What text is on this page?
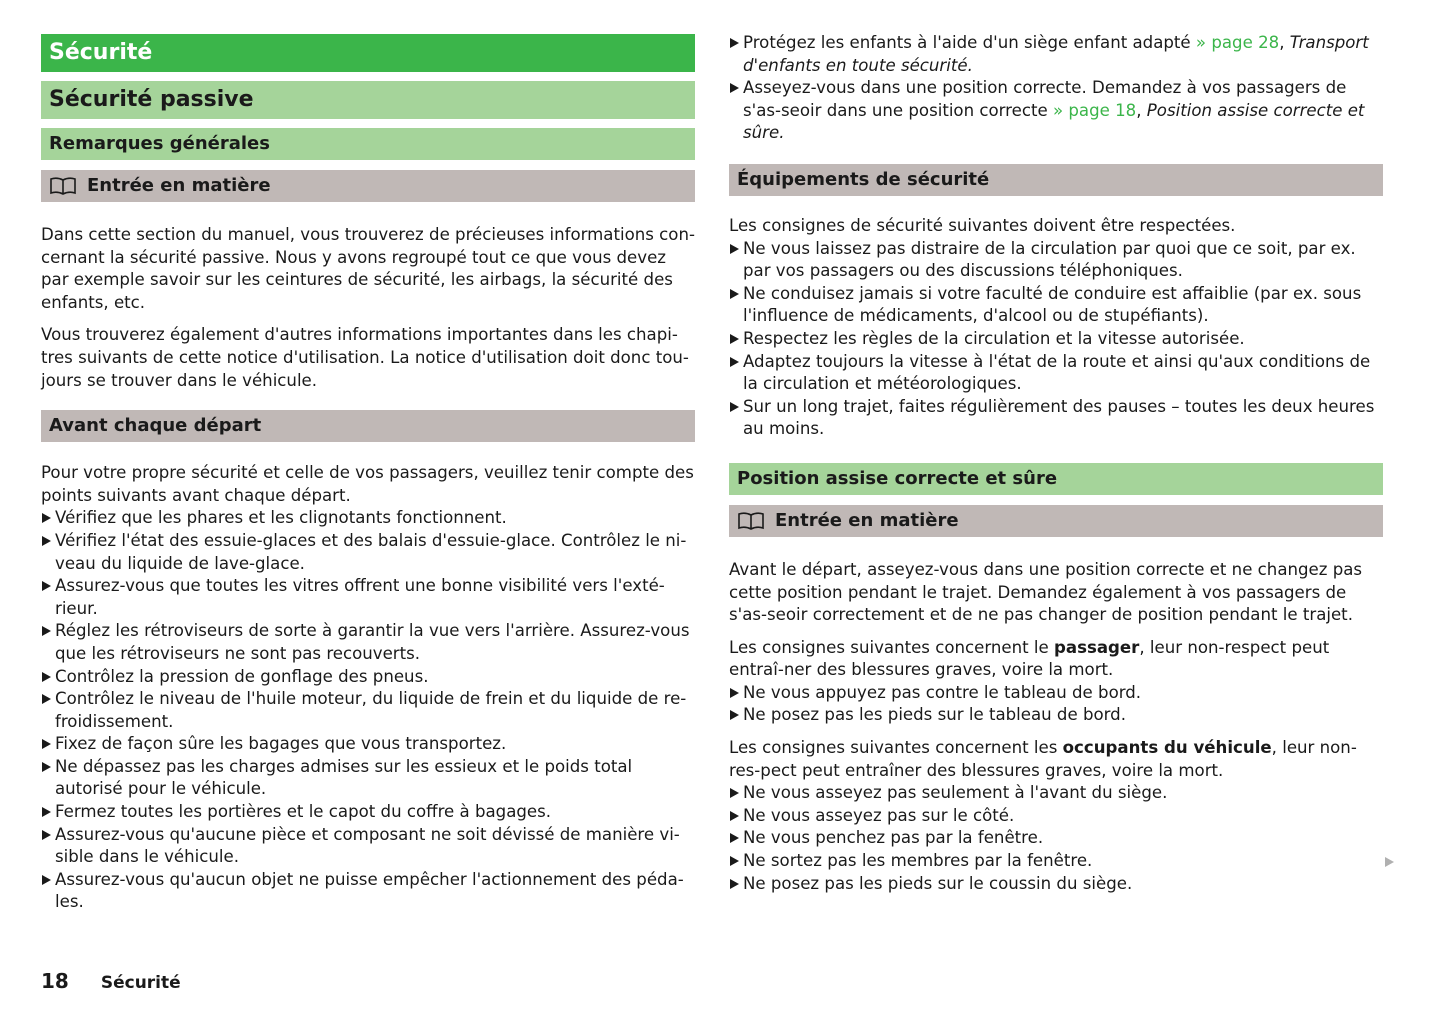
Sécurité
Sécurité passive
Remarques générales
Entrée en matière

Dans cette section du manuel, vous trouverez de précieuses informations con-cernant la sécurité passive. Nous y avons regroupé tout ce que vous devez par exemple savoir sur les ceintures de sécurité, les airbags, la sécurité des enfants, etc.

Vous trouverez également d'autres informations importantes dans les chapi-tres suivants de cette notice d'utilisation. La notice d'utilisation doit donc tou-jours se trouver dans le véhicule.

Avant chaque départ

Pour votre propre sécurité et celle de vos passagers, veuillez tenir compte des points suivants avant chaque départ.

Vérifiez que les phares et les clignotants fonctionnent.
Vérifiez l'état des essuie-glaces et des balais d'essuie-glace. Contrôlez le ni-veau du liquide de lave-glace.
Assurez-vous que toutes les vitres offrent une bonne visibilité vers l'exté-rieur.
Réglez les rétroviseurs de sorte à garantir la vue vers l'arrière. Assurez-vous que les rétroviseurs ne sont pas recouverts.
Contrôlez la pression de gonflage des pneus.
Contrôlez le niveau de l'huile moteur, du liquide de frein et du liquide de re-froidissement.
Fixez de façon sûre les bagages que vous transportez.
Ne dépassez pas les charges admises sur les essieux et le poids total autorisé pour le véhicule.
Fermez toutes les portières et le capot du coffre à bagages.
Assurez-vous qu'aucune pièce et composant ne soit dévissé de manière vi-sible dans le véhicule.
Assurez-vous qu'aucun objet ne puisse empêcher l'actionnement des péda-les.
Protégez les enfants à l'aide d'un siège enfant adapté » page 28, Transport d'enfants en toute sécurité.
Asseyez-vous dans une position correcte. Demandez à vos passagers de s'as-seoir dans une position correcte » page 18, Position assise correcte et sûre.
Équipements de sécurité

Les consignes de sécurité suivantes doivent être respectées.

Ne vous laissez pas distraire de la circulation par quoi que ce soit, par ex. par vos passagers ou des discussions téléphoniques.
Ne conduisez jamais si votre faculté de conduire est affaiblie (par ex. sous l'influence de médicaments, d'alcool ou de stupéfiants).
Respectez les règles de la circulation et la vitesse autorisée.
Adaptez toujours la vitesse à l'état de la route et ainsi qu'aux conditions de la circulation et météorologiques.
Sur un long trajet, faites régulièrement des pauses – toutes les deux heures au moins.
Position assise correcte et sûre
Entrée en matière

Avant le départ, asseyez-vous dans une position correcte et ne changez pas cette position pendant le trajet. Demandez également à vos passagers de s'as-seoir correctement et de ne pas changer de position pendant le trajet.

Les consignes suivantes concernent le passager, leur non-respect peut entraî-ner des blessures graves, voire la mort.

Ne vous appuyez pas contre le tableau de bord.
Ne posez pas les pieds sur le tableau de bord.

Les consignes suivantes concernent les occupants du véhicule, leur non-res-pect peut entraîner des blessures graves, voire la mort.

Ne vous asseyez pas seulement à l'avant du siège.
Ne vous asseyez pas sur le côté.
Ne vous penchez pas par la fenêtre.
Ne sortez pas les membres par la fenêtre.
Ne posez pas les pieds sur le coussin du siège.
18 Sécurité
